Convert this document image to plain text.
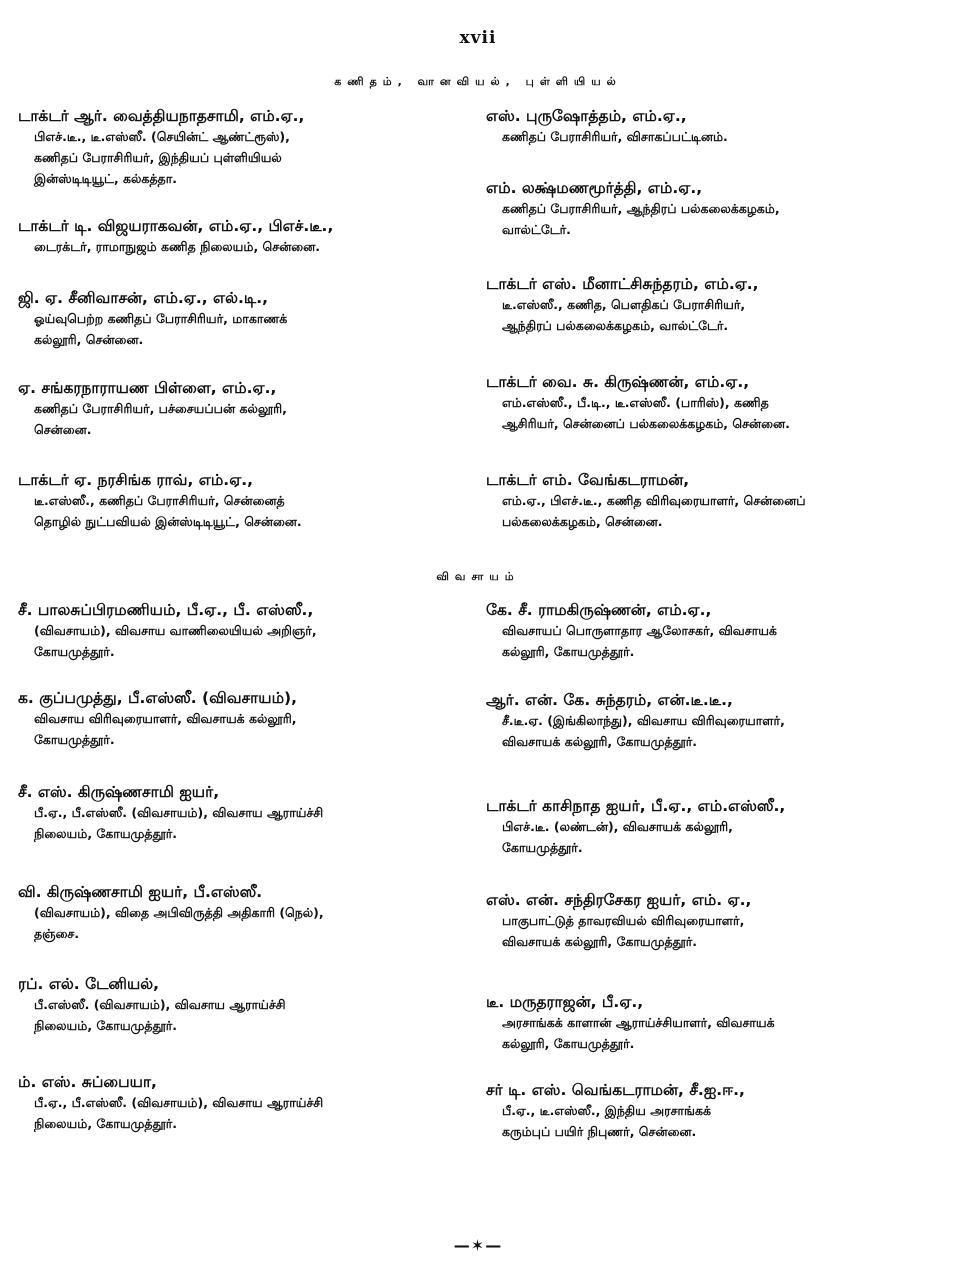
xvii
கணிதம், வானவியல், புள்ளியியல்
விவசாயம்
டாக்டர் ஆர். வைத்தியநாதசாமி, எம்.ஏ.,
பிஎச்.டீ., டீ.எஸ்ஸீ. (செயின்ட் ஆண்ட்ரூஸ்),
கணிதப் பேராசிரியர், இந்தியப் புள்ளியியல்
இன்ஸ்டிடியூட், கல்கத்தா.
டாக்டர் டி. விஜயராகவன், எம்.ஏ., பிஎச்.டீ.,
டைரக்டர், ராமாநுஜம் கணித நிலையம், சென்னை.
ஜி. ஏ. சீனிவாசன், எம்.ஏ., எல்.டி.,
ஓய்வுபெற்ற கணிதப் பேராசிரியர், மாகாணக்
கல்லூரி, சென்னை.
ஏ. சங்கரநாராயண பிள்ளை, எம்.ஏ.,
கணிதப் பேராசிரியர், பச்சையப்பன் கல்லூரி,
சென்னை.
டாக்டர் ஏ. நரசிங்க ராவ், எம்.ஏ.,
டீ.எஸ்ஸீ., கணிதப் பேராசிரியர், சென்னைத்
தொழில் நுட்பவியல் இன்ஸ்டிடியூட், சென்னை.
எஸ். புருஷோத்தம், எம்.ஏ.,
கணிதப் பேராசிரியர், விசாகப்பட்டினம்.
எம். லக்ஷ்மணமூர்த்தி, எம்.ஏ.,
கணிதப் பேராசிரியர், ஆந்திரப் பல்கலைக்கழகம்,
வால்ட்டேர்.
டாக்டர் எஸ். மீனாட்சிசுந்தரம், எம்.ஏ.,
டீ.எஸ்ஸீ., கணித, பௌதிகப் பேராசிரியர்,
ஆந்திரப் பல்கலைக்கழகம், வால்ட்டேர்.
டாக்டர் வை. சு. கிருஷ்ணன், எம்.ஏ.,
எம்.எஸ்ஸீ., பீ.டி., டீ.எஸ்ஸீ. (பாரிஸ்), கணித
ஆசிரியர், சென்னைப் பல்கலைக்கழகம், சென்னை.
டாக்டர் எம். வேங்கடராமன்,
எம்.ஏ., பிஎச்.டீ., கணித விரிவுரையாளர், சென்னைப்
பல்கலைக்கழகம், சென்னை.
சீ. பாலசுப்பிரமணியம், பீ.ஏ., பீ. எஸ்ஸீ.,
(விவசாயம்), விவசாய வாணிலையியல் அறிஞர்,
கோயமுத்தூர்.
க. குப்பமுத்து, பீ.எஸ்ஸீ. (விவசாயம்),
விவசாய விரிவுரையாளர், விவசாயக் கல்லூரி,
கோயமுத்தூர்.
சீ. எஸ். கிருஷ்ணசாமி ஐயர்,
பீ.ஏ., பீ.எஸ்ஸீ. (விவசாயம்), விவசாய ஆராய்ச்சி
நிலையம், கோயமுத்தூர்.
வி. கிருஷ்ணசாமி ஐயர், பீ.எஸ்ஸீ.
(விவசாயம்), விதை அபிவிருத்தி அதிகாரி (நெல்),
தஞ்சை.
ரப். எல். டேனியல்,
பீ.எஸ்ஸீ. (விவசாயம்), விவசாய ஆராய்ச்சி
நிலையம், கோயமுத்தூர்.
ம். எஸ். சுப்பையா,
பீ.ஏ., பீ.எஸ்ஸீ. (விவசாயம்), விவசாய ஆராய்ச்சி
நிலையம், கோயமுத்தூர்.
கே. சீ. ராமகிருஷ்ணன், எம்.ஏ.,
விவசாயப் பொருளாதார ஆலோசகர், விவசாயக்
கல்லூரி, கோயமுத்தூர்.
ஆர். என். கே. சுந்தரம், என்.டீ.டீ.,
சீ.டீ.ஏ. (இங்கிலாந்து), விவசாய விரிவுரையாளர்,
விவசாயக் கல்லூரி, கோயமுத்தூர்.
டாக்டர் காசிநாத ஐயர், பீ.ஏ., எம்.எஸ்ஸீ.,
பிஎச்.டீ. (லண்டன்), விவசாயக் கல்லூரி,
கோயமுத்தூர்.
எஸ். என். சந்திரசேகர ஐயர், எம். ஏ.,
பாகுபாட்டுத் தாவரவியல் விரிவுரையாளர்,
விவசாயக் கல்லூரி, கோயமுத்தூர்.
டீ. மருதராஜன், பீ.ஏ.,
அரசாங்கக் காளான் ஆராய்ச்சியாளர், விவசாயக்
கல்லூரி, கோயமுத்தூர்.
சர் டி. எஸ். வெங்கடராமன், சீ.ஐ.ஈ.,
பீ.ஏ., டீ.எஸ்ஸீ., இந்திய அரசாங்கக்
கரும்புப் பயிர் நிபுணர், சென்னை.
—✶—
